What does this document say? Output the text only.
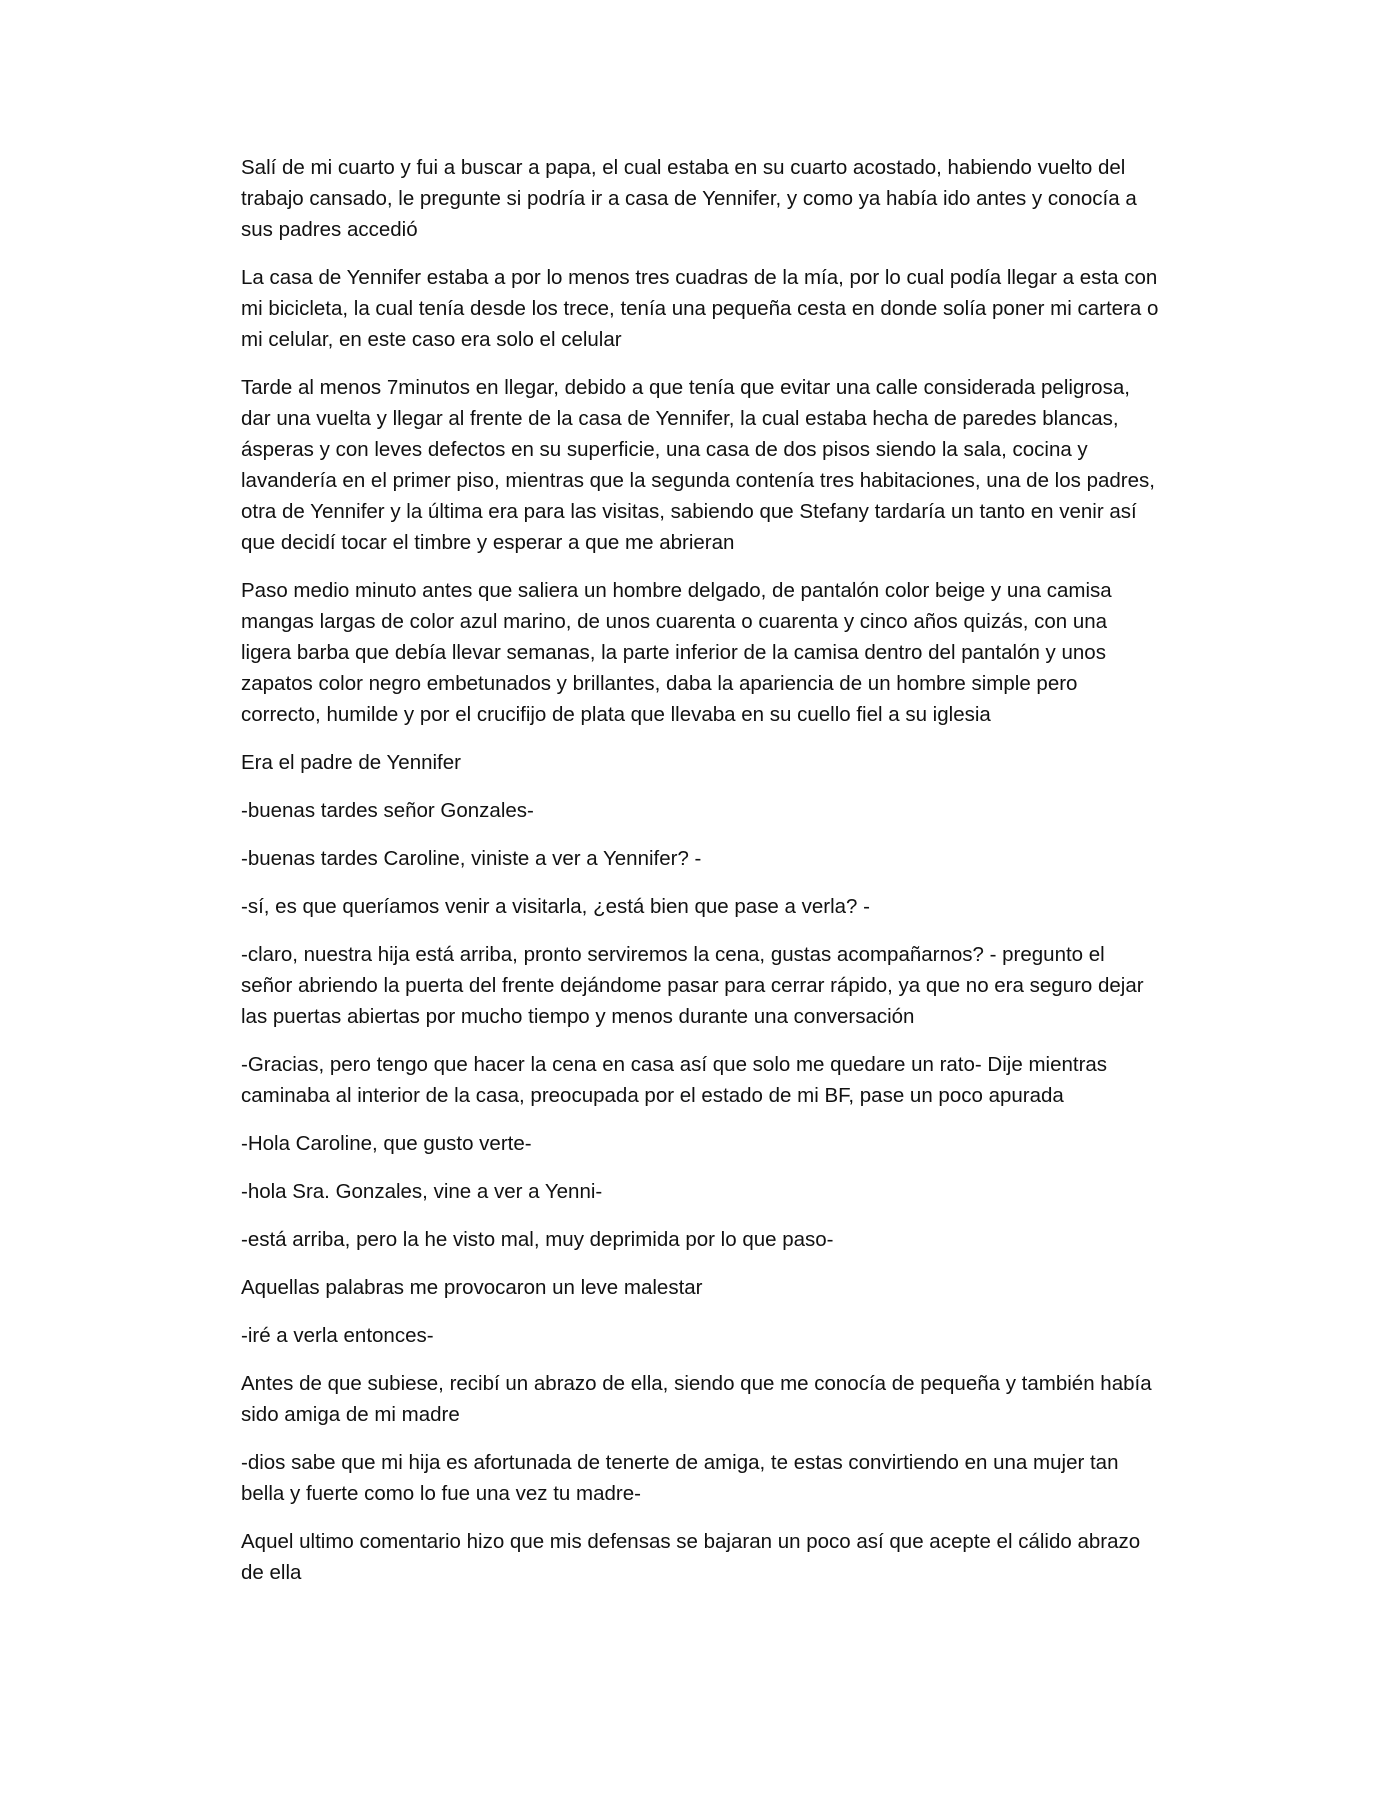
Salí de mi cuarto y fui a buscar a papa, el cual estaba en su cuarto acostado, habiendo vuelto del trabajo cansado, le pregunte si podría ir a casa de Yennifer, y como ya había ido antes y conocía a sus padres accedió

La casa de Yennifer estaba a por lo menos tres cuadras de la mía, por lo cual podía llegar a esta con mi bicicleta, la cual tenía desde los trece, tenía una pequeña cesta en donde solía poner mi cartera o mi celular, en este caso era solo el celular

Tarde al menos 7minutos en llegar, debido a que tenía que evitar una calle considerada peligrosa, dar una vuelta y llegar al frente de la casa de Yennifer, la cual estaba hecha de paredes blancas, ásperas y con leves defectos en su superficie, una casa de dos pisos siendo la sala, cocina y lavandería en el primer piso, mientras que la segunda contenía tres habitaciones, una de los padres, otra de Yennifer y la última era para las visitas, sabiendo que Stefany tardaría un tanto en venir así que decidí tocar el timbre y esperar a que me abrieran

Paso medio minuto antes que saliera un hombre delgado, de pantalón color beige y una camisa mangas largas de color azul marino, de unos cuarenta o cuarenta y cinco años quizás, con una ligera barba que debía llevar semanas, la parte inferior de la camisa dentro del pantalón y unos zapatos color negro embetunados y brillantes, daba la apariencia de un hombre simple pero correcto, humilde y por el crucifijo de plata que llevaba en su cuello fiel a su iglesia

Era el padre de Yennifer

-buenas tardes señor Gonzales-

-buenas tardes Caroline, viniste a ver a Yennifer? -

-sí, es que queríamos venir a visitarla, ¿está bien que pase a verla? -

-claro, nuestra hija está arriba, pronto serviremos la cena, gustas acompañarnos? - pregunto el señor abriendo la puerta del frente dejándome pasar para cerrar rápido, ya que no era seguro dejar las puertas abiertas por mucho tiempo y menos durante una conversación

-Gracias, pero tengo que hacer la cena en casa así que solo me quedare un rato- Dije mientras caminaba al interior de la casa, preocupada por el estado de mi BF, pase un poco apurada

-Hola Caroline, que gusto verte-

-hola Sra. Gonzales, vine a ver a Yenni-

-está arriba, pero la he visto mal, muy deprimida por lo que paso-

Aquellas palabras me provocaron un leve malestar

-iré a verla entonces-

Antes de que subiese, recibí un abrazo de ella, siendo que me conocía de pequeña y también había sido amiga de mi madre

-dios sabe que mi hija es afortunada de tenerte de amiga, te estas convirtiendo en una mujer tan bella y fuerte como lo fue una vez tu madre-

Aquel ultimo comentario hizo que mis defensas se bajaran un poco así que acepte el cálido abrazo de ella
